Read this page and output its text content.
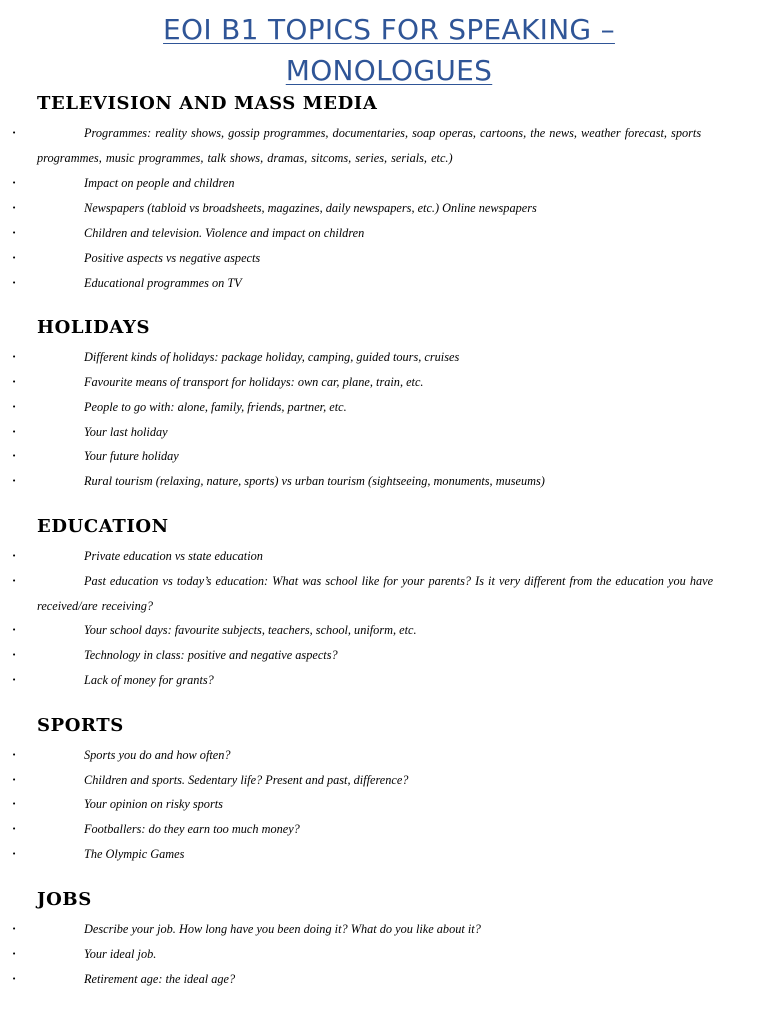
EOI B1 TOPICS FOR SPEAKING –
MONOLOGUES
TELEVISION AND MASS MEDIA
•	Programmes: reality shows, gossip programmes, documentaries, soap operas, cartoons, the news, weather forecast, sports programmes, music programmes, talk shows, dramas, sitcoms, series, serials, etc.)
•	Impact on people and children
•	Newspapers (tabloid vs broadsheets, magazines, daily newspapers, etc.) Online newspapers
•	Children and television. Violence and impact on children
•	Positive aspects vs negative aspects
•	Educational programmes on TV
HOLIDAYS
•	Different kinds of holidays: package holiday, camping, guided tours, cruises
•	Favourite means of transport for holidays: own car, plane, train, etc.
•	People to go with: alone, family, friends, partner, etc.
•	Your last holiday
•	Your future holiday
•	Rural tourism (relaxing, nature, sports) vs urban tourism (sightseeing, monuments, museums)
EDUCATION
•	Private education vs state education
•	Past education vs today’s education: What was school like for your parents? Is it very different from the education you have received/are receiving?
•	Your school days: favourite subjects, teachers, school, uniform, etc.
•	Technology in class: positive and negative aspects?
•	Lack of money for grants?
SPORTS
•	Sports you do and how often?
•	Children and sports. Sedentary life? Present and past, difference?
•	Your opinion on risky sports
•	Footballers: do they earn too much money?
•	The Olympic Games
JOBS
•	Describe your job. How long have you been doing it? What do you like about it?
•	Your ideal job.
•	Retirement age: the ideal age?
